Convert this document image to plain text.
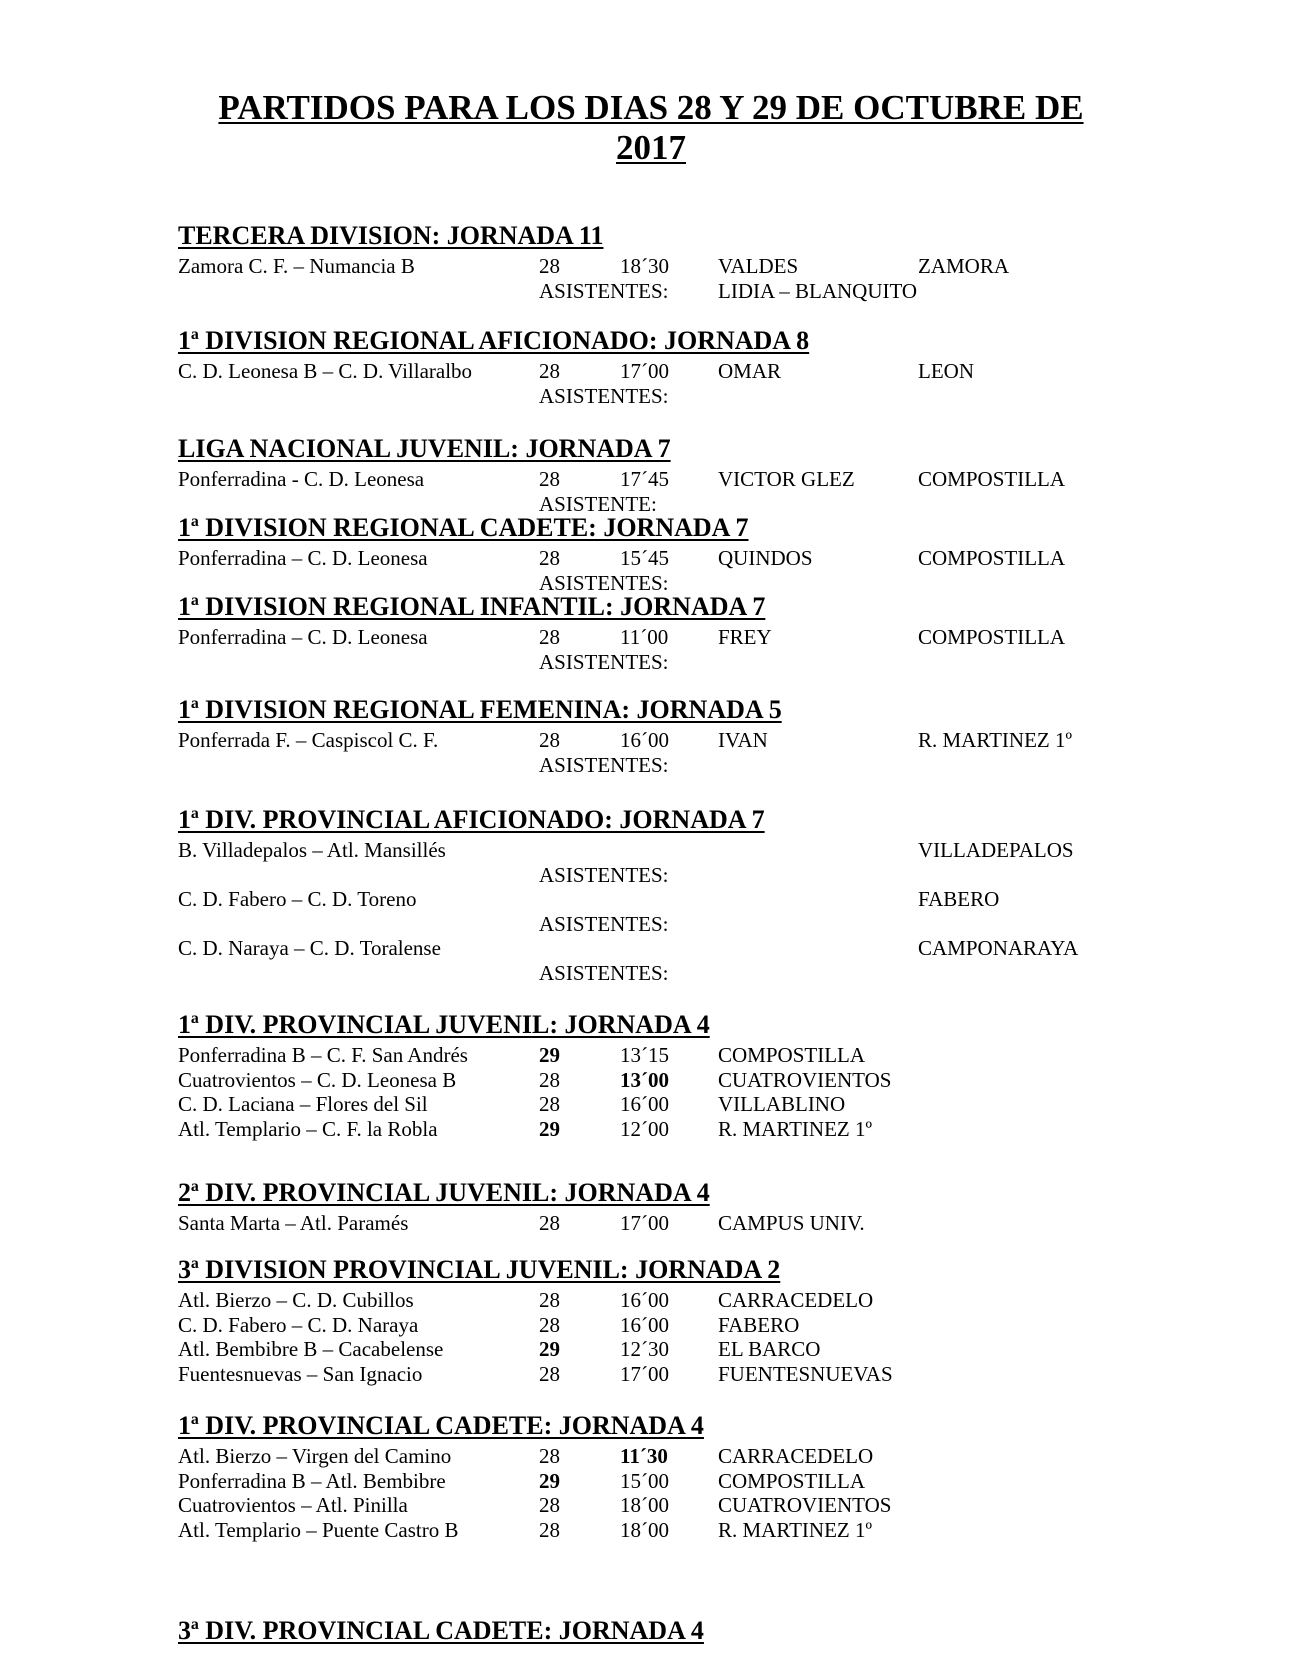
PARTIDOS PARA LOS DIAS 28 Y 29 DE OCTUBRE DE
2017
TERCERA DIVISION: JORNADA 11
Zamora C. F. – Numancia B	28	18´30 VALDES	ZAMORA
ASISTENTES: LIDIA – BLANQUITO
1ª DIVISION REGIONAL AFICIONADO: JORNADA 8
C. D. Leonesa B – C. D. Villaralbo	28	17´00 OMAR	LEON
ASISTENTES:
LIGA NACIONAL JUVENIL: JORNADA 7
Ponferradina - C. D. Leonesa	28	17´45 VICTOR GLEZ	COMPOSTILLA
ASISTENTE:
1ª DIVISION REGIONAL CADETE: JORNADA 7
Ponferradina – C. D. Leonesa	28	15´45 QUINDOS	COMPOSTILLA
ASISTENTES:
1ª DIVISION REGIONAL INFANTIL: JORNADA 7
Ponferradina – C. D. Leonesa	28	11´00 FREY	COMPOSTILLA
ASISTENTES:
1ª DIVISION REGIONAL FEMENINA: JORNADA 5
Ponferrada F. – Caspiscol C. F.	28	16´00 IVAN	R. MARTINEZ 1º
ASISTENTES:
1ª DIV. PROVINCIAL AFICIONADO: JORNADA 7
B. Villadepalos – Atl. Mansillés	VILLADEPALOS
ASISTENTES:
C. D. Fabero – C. D. Toreno	FABERO
ASISTENTES:
C. D. Naraya – C. D. Toralense	CAMPONARAYA
ASISTENTES:
1ª DIV. PROVINCIAL JUVENIL: JORNADA 4
Ponferradina B – C. F. San Andrés	29	13´15 COMPOSTILLA
Cuatrovientos – C. D. Leonesa B	28	13´00 CUATROVIENTOS
C. D. Laciana – Flores del Sil	28	16´00 VILLABLINO
Atl. Templario – C. F. la Robla	29	12´00 R. MARTINEZ 1º
2ª DIV. PROVINCIAL JUVENIL: JORNADA 4
Santa Marta – Atl. Paramés	28	17´00 CAMPUS UNIV.
3ª DIVISION PROVINCIAL JUVENIL: JORNADA 2
Atl. Bierzo – C. D. Cubillos	28	16´00 CARRACEDELO
C. D. Fabero – C. D. Naraya	28	16´00 FABERO
Atl. Bembibre B – Cacabelense	29	12´30 EL BARCO
Fuentesnuevas – San Ignacio	28	17´00 FUENTESNUEVAS
1ª DIV. PROVINCIAL CADETE: JORNADA 4
Atl. Bierzo – Virgen del Camino	28	11´30 CARRACEDELO
Ponferradina B – Atl. Bembibre	29	15´00 COMPOSTILLA
Cuatrovientos – Atl. Pinilla	28	18´00 CUATROVIENTOS
Atl. Templario – Puente Castro B	28	18´00 R. MARTINEZ 1º
3ª DIV. PROVINCIAL CADETE: JORNADA 4
